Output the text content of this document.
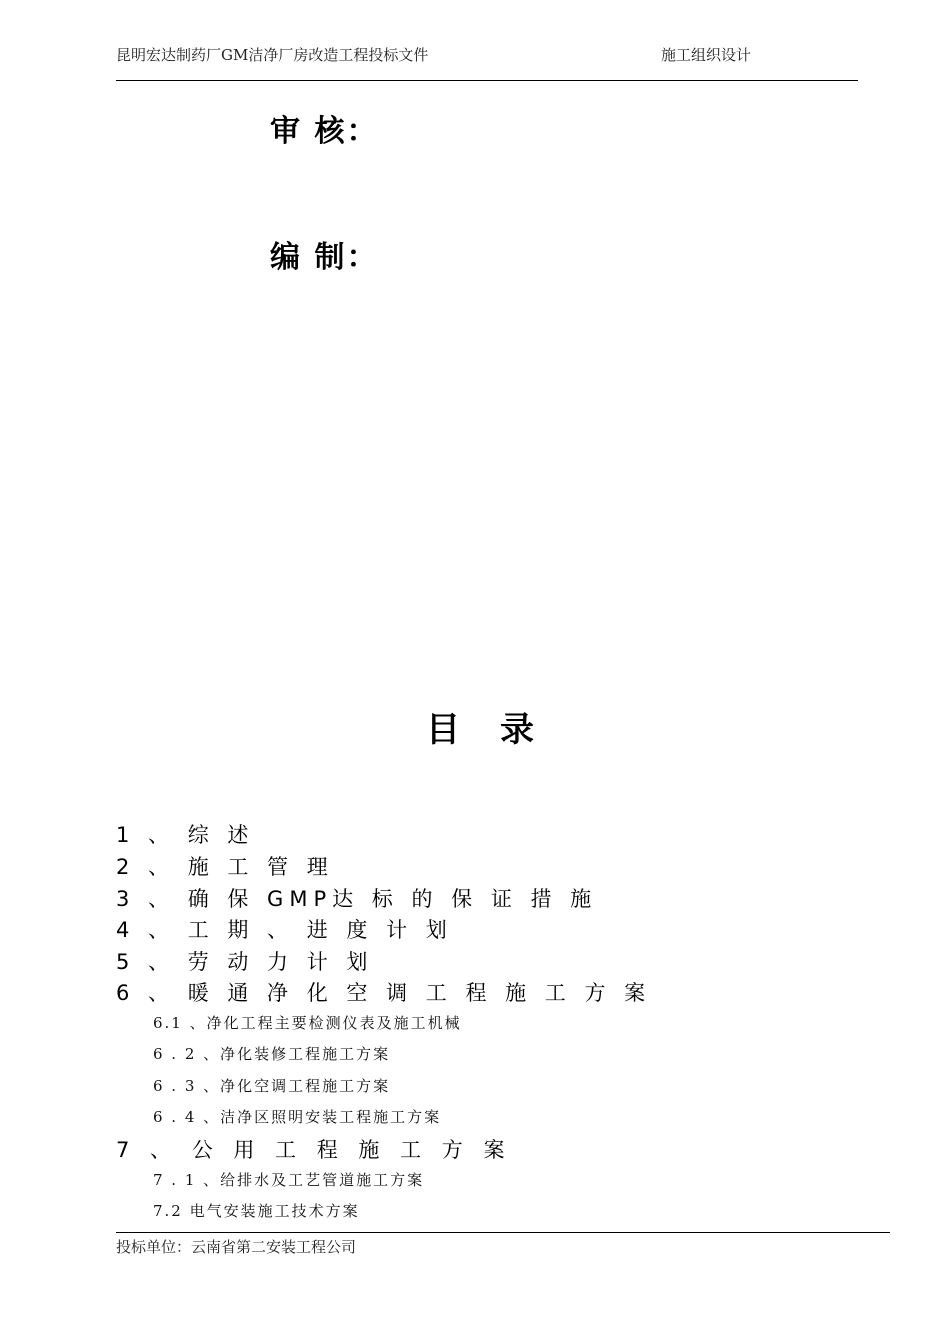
昆明宏达制药厂GM洁净厂房改造工程投标文件	施工组织设计
审 核：
编 制：
目录
1 、 综 述
2 、 施 工 管 理
3 、 确 保 GMP达 标 的 保 证 措 施
4 、 工 期 、 进 度 计 划
5 、 劳 动 力 计 划
6 、 暖 通 净 化 空 调 工 程 施 工 方 案
6.1 、净化工程主要检测仪表及施工机械
6 . 2 、净化装修工程施工方案
6 . 3 、净化空调工程施工方案
6 . 4 、洁净区照明安装工程施工方案
7 、 公 用 工 程 施 工 方 案
7 . 1 、给排水及工艺管道施工方案
7.2 电气安装施工技术方案
投标单位：云南省第二安装工程公司
